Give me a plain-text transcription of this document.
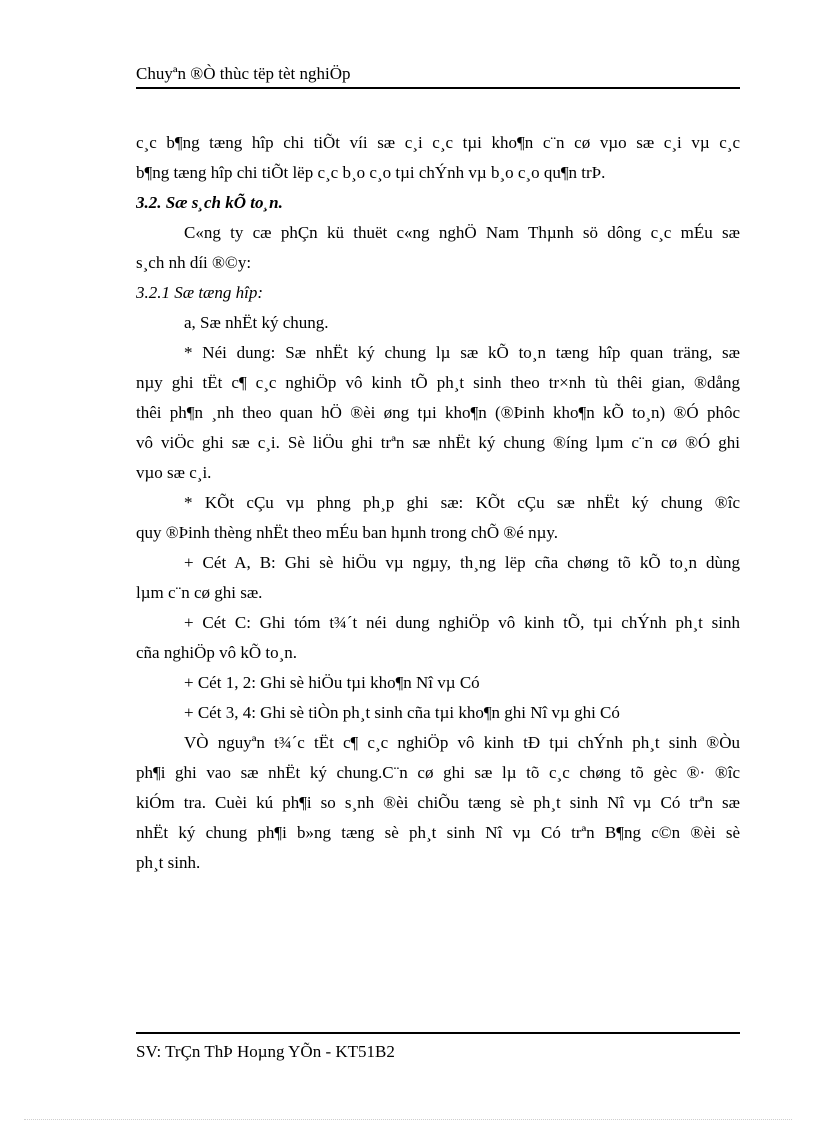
Chuyªn ®Ò thùc tëp tèt nghiÖp
c¸c b¶ng tæng hîp chi tiÕt víi sæ c¸i c¸c tµi kho¶n c¨n cø vµo sæ c¸i vµ c¸c
b¶ng tæng hîp chi tiÕt lëp c¸c b¸o c¸o tµi chÝnh vµ b¸o c¸o qu¶n trÞ.
3.2. Sæ s¸ch kÕ to¸n.
C«ng ty cæ phÇn kü thuët c«ng nghÖ Nam Thµnh sö dông c¸c mÉu sæ
s¸ch nh díi ®©y:
3.2.1 Sæ tæng hîp:
a, Sæ nhËt ký chung.
* Néi dung: Sæ nhËt ký chung lµ sæ kÕ to¸n tæng hîp quan träng, sæ
nµy ghi tËt c¶ c¸c nghiÖp vô kinh tÕ ph¸t sinh theo tr×nh tù thêi gian, ®dång
thêi ph¶n ¸nh theo quan hÖ ®èi øng tµi kho¶n (®Þinh kho¶n kÕ to¸n) ®Ó phôc
vô viÖc ghi sæ c¸i. Sè liÖu ghi trªn sæ nhËt ký chung ®íng lµm c¨n cø ®Ó ghi
vµo sæ c¸i.
* KÕt cÇu vµ phng ph¸p ghi sæ: KÕt cÇu sæ nhËt ký chung ®îc
quy ®Þinh thèng nhËt theo mÉu ban hµnh trong chÕ ®é nµy.
+ Cét A, B: Ghi sè hiÖu vµ ngµy, th¸ng lëp cña chøng tõ kÕ to¸n dùng
lµm c¨n cø ghi sæ.
+ Cét C: Ghi tóm t¾´t néi dung nghiÖp vô kinh tÕ, tµi chÝnh ph¸t sinh
cña nghiÖp vô kÕ to¸n.
+ Cét 1, 2: Ghi sè hiÖu tµi kho¶n Nî vµ Có
+ Cét 3, 4: Ghi sè tiÒn ph¸t sinh cña tµi kho¶n ghi Nî vµ ghi Có
VÒ nguyªn t¾´c tËt c¶ c¸c nghiÖp vô kinh tÐ tµi chÝnh ph¸t sinh ®Òu
ph¶i ghi vao sæ nhËt ký chung.C¨n cø ghi sæ lµ tõ c¸c chøng tõ gèc ®· ®îc
kiÓm tra. Cuèi kú ph¶i so s¸nh ®èi chiÕu tæng sè ph¸t sinh Nî vµ Có trªn sæ
nhËt ký chung ph¶i b»ng tæng sè ph¸t sinh Nî vµ Có trªn B¶ng c©n ®èi sè
ph¸t sinh.
SV: TrÇn ThÞ Hoµng YÕn - KT51B2
